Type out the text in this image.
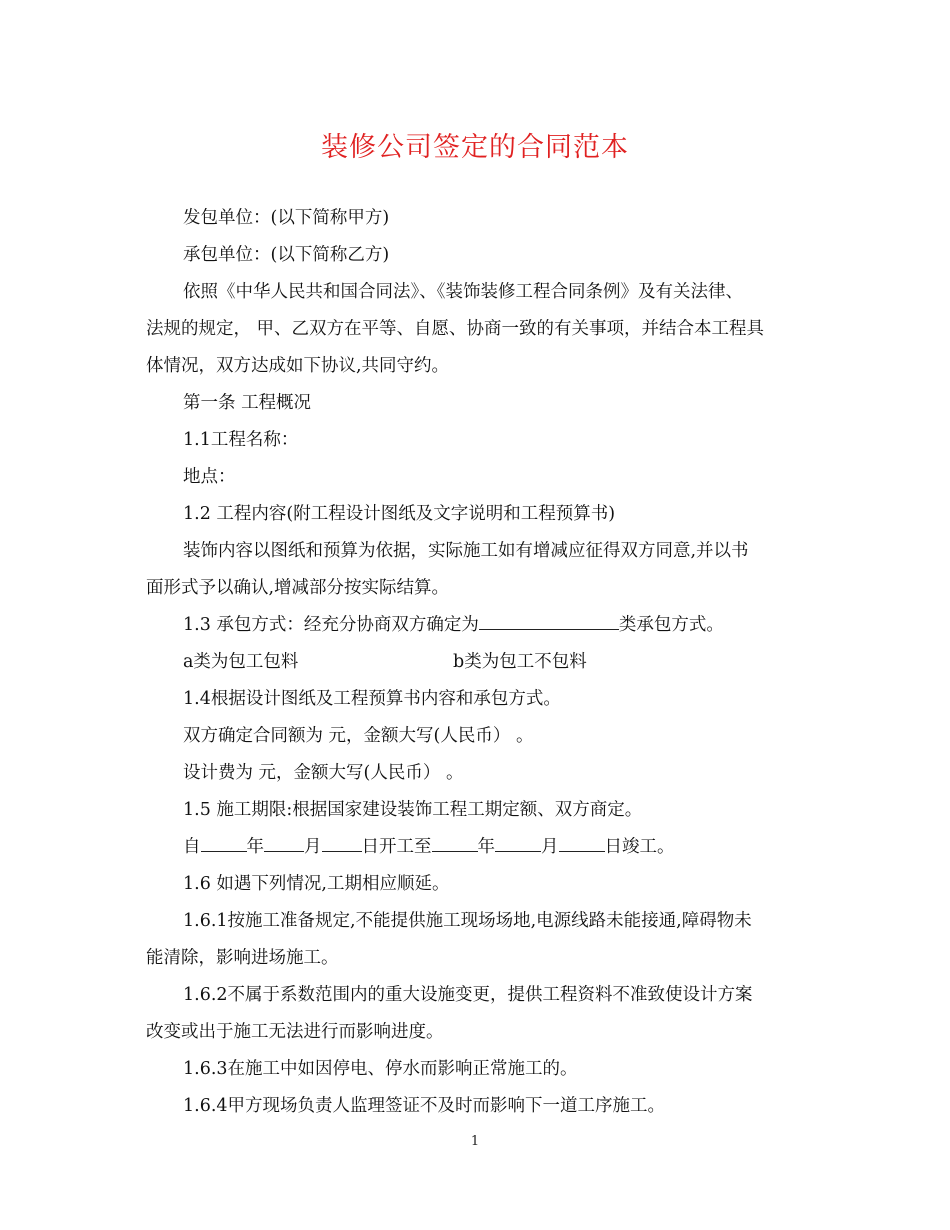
装修公司签定的合同范本
发包单位：(以下简称甲方)
承包单位：(以下简称乙方)
依照《中华人民共和国合同法》、《装饰装修工程合同条例》及有关法律、
法规的规定， 甲、乙双方在平等、自愿、协商一致的有关事项，并结合本工程具
体情况，双方达成如下协议,共同守约。
第一条 工程概况
1.1工程名称：
地点：
1.2 工程内容(附工程设计图纸及文字说明和工程预算书)
装饰内容以图纸和预算为依据，实际施工如有增减应征得双方同意,并以书
面形式予以确认,增减部分按实际结算。
1.3 承包方式：经充分协商双方确定为	类承包方式。
a类为包工包料	b类为包工不包料
1.4根据设计图纸及工程预算书内容和承包方式。
双方确定合同额为 元，金额大写(人民币） 。
设计费为 元，金额大写(人民币） 。
1.5 施工期限:根据国家建设装饰工程工期定额、双方商定。
自	年 月 日开工至	年	月	日竣工。
1.6 如遇下列情况,工期相应顺延。
1.6.1按施工准备规定,不能提供施工现场场地,电源线路未能接通,障碍物未
能清除，影响进场施工。
1.6.2不属于系数范围内的重大设施变更，提供工程资料不准致使设计方案
改变或出于施工无法进行而影响进度。
1.6.3在施工中如因停电、停水而影响正常施工的。
1.6.4甲方现场负责人监理签证不及时而影响下一道工序施工。
1
